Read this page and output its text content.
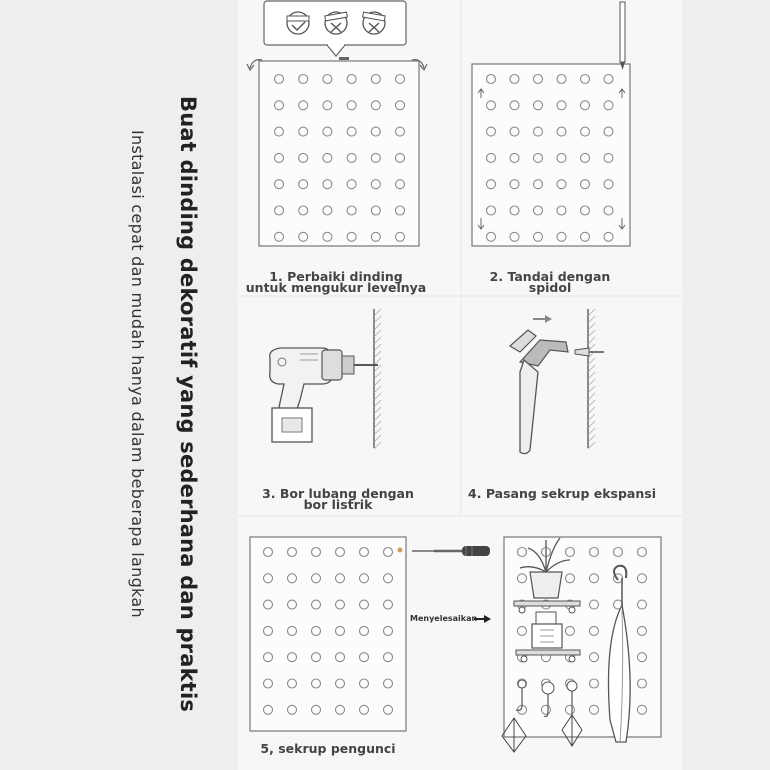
Buat dinding dekoratif yang sederhana dan praktis
Instalasi cepat dan mudah hanya dalam beberapa langkah	1. Perbaiki dinding
untuk mengukur levelnya
2. Tandai dengan
spidol
3. Bor lubang dengan
bor listrik
4. Pasang sekrup ekspansi
5, sekrup pengunci
Menyelesaikan
